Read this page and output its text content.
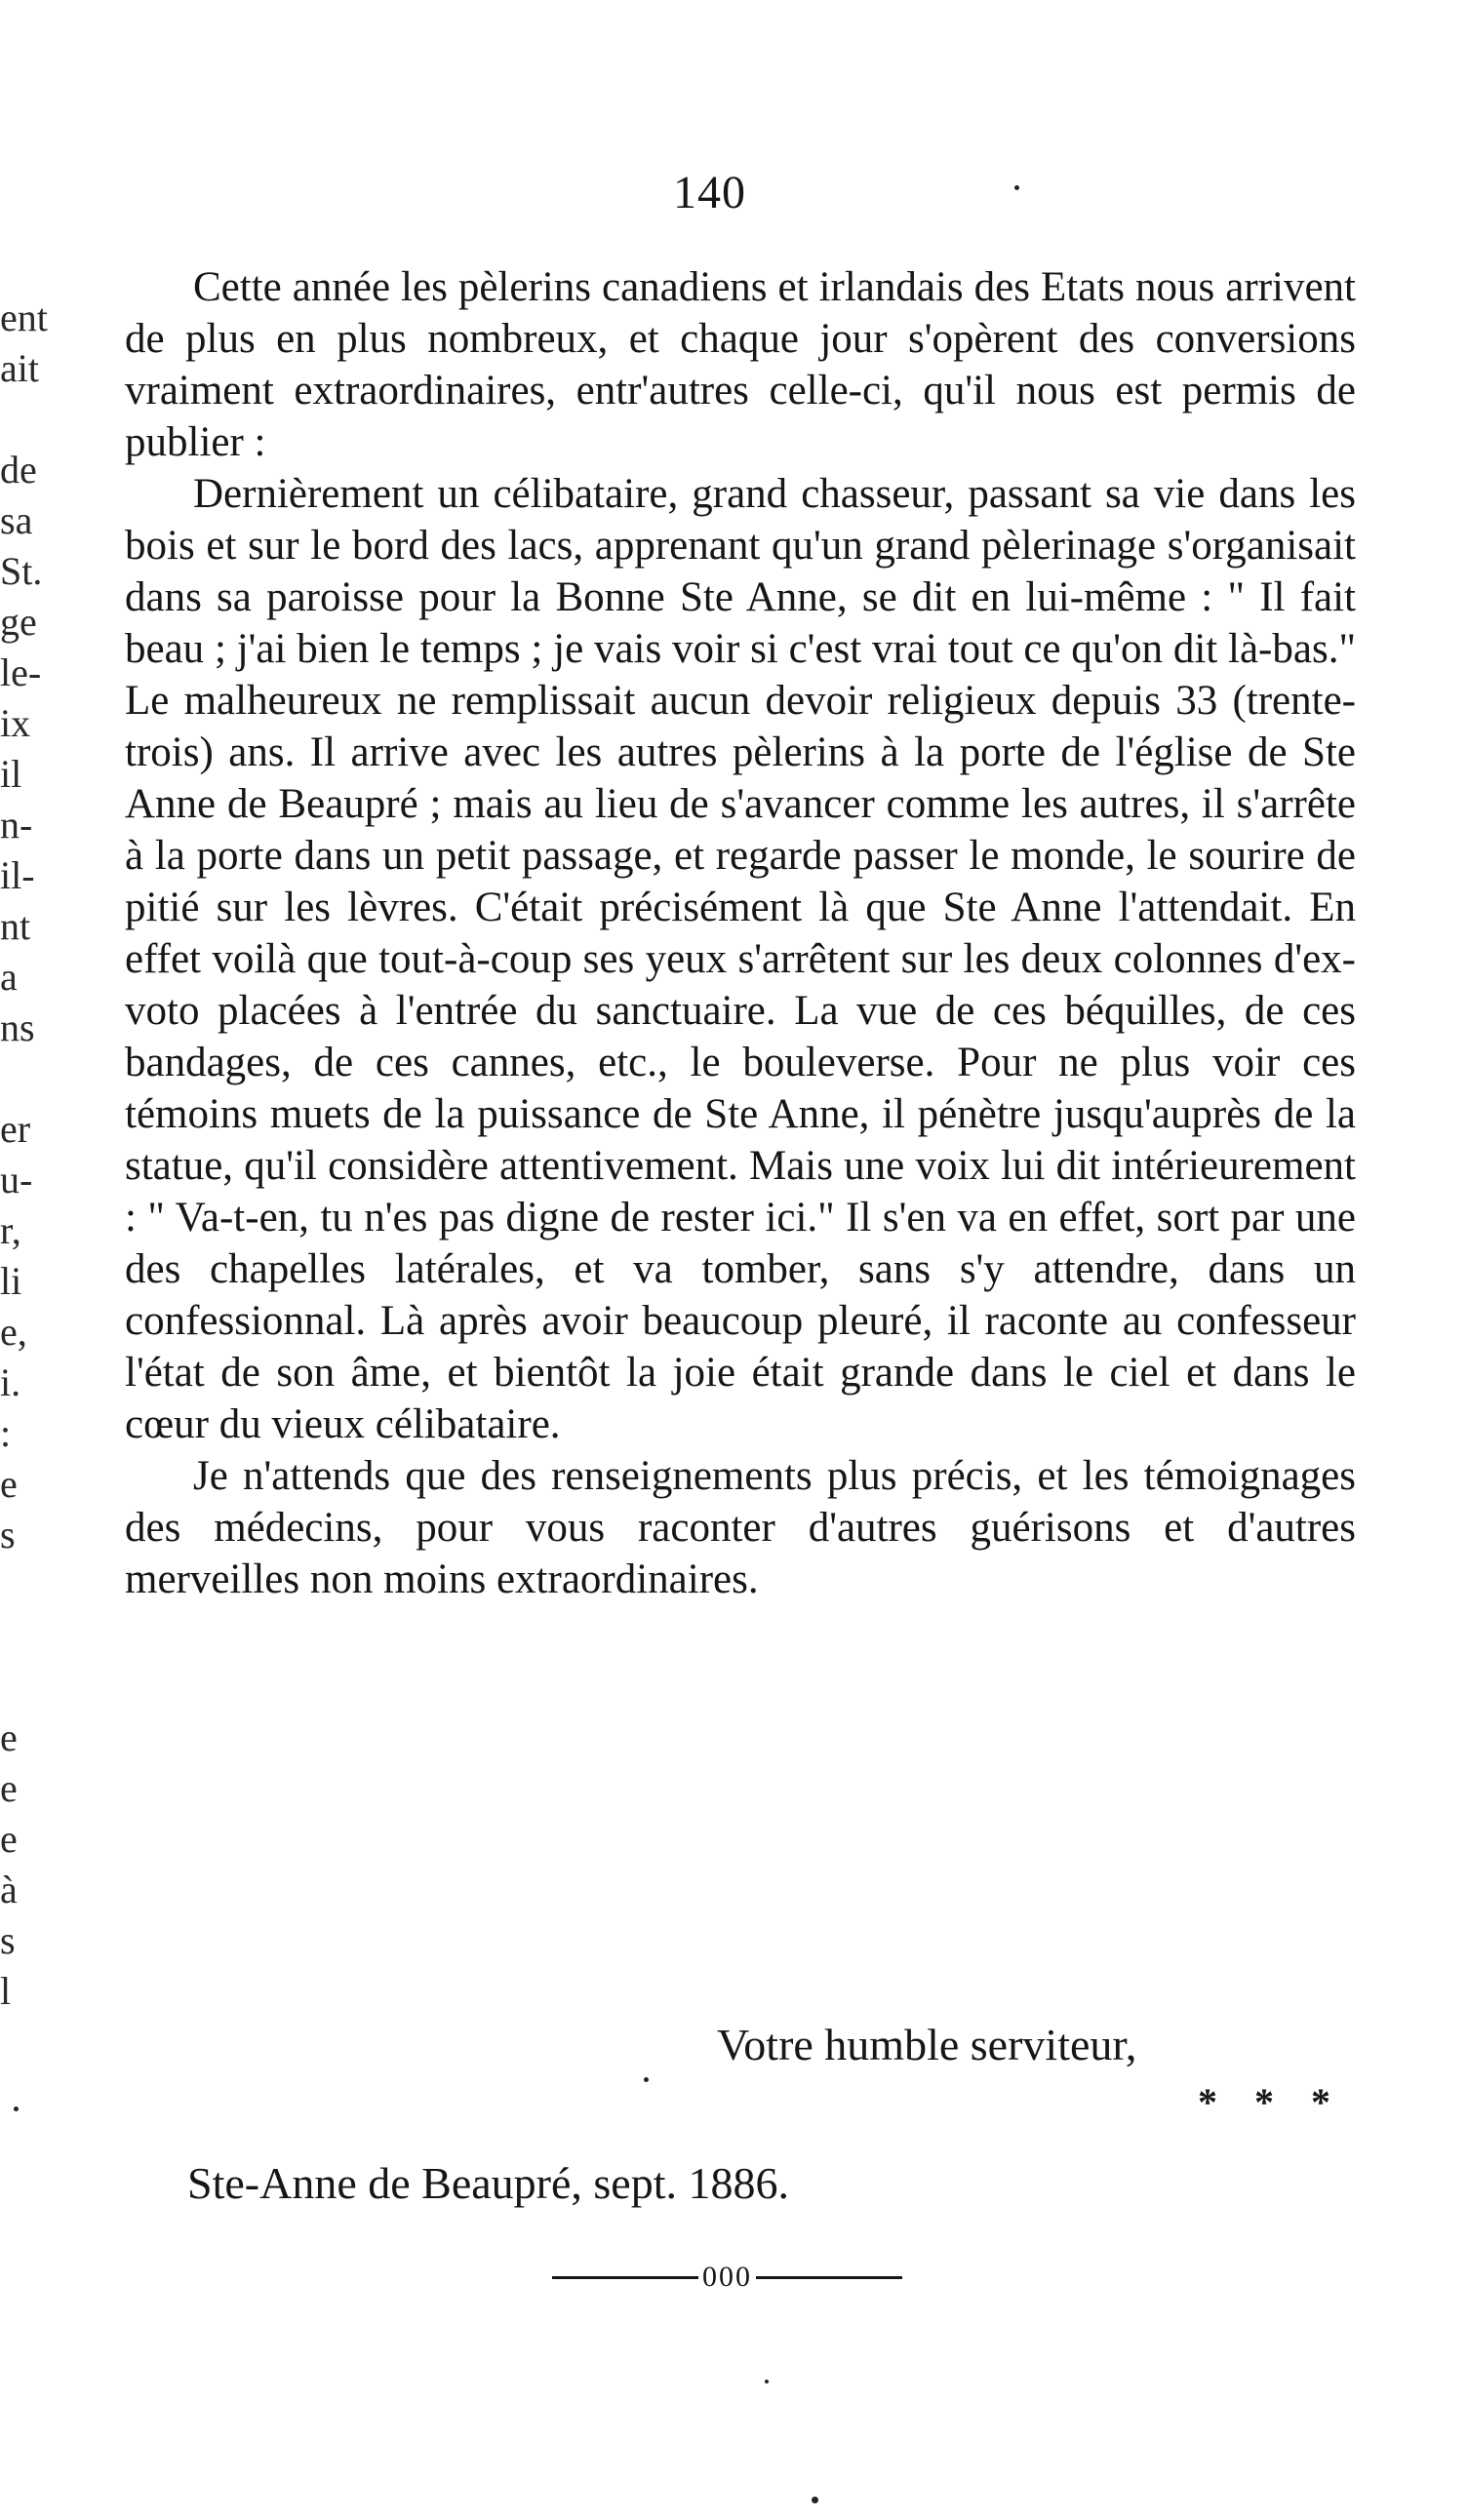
ent
ait
de
sa
St.
ge
le-
ix
il
n-
il-
nt
a
ns
er
u-
r,
li
e,
i.
:
e
s
e
e
e
à
s
l
140

Cette année les pèlerins canadiens et irlandais des Etats nous arrivent de plus en plus nombreux, et chaque jour s'opèrent des conversions vraiment extraordinaires, entr'autres celle-ci, qu'il nous est permis de publier :

Dernièrement un célibataire, grand chasseur, passant sa vie dans les bois et sur le bord des lacs, apprenant qu'un grand pèlerinage s'organisait dans sa paroisse pour la Bonne Ste Anne, se dit en lui-même : " Il fait beau ; j'ai bien le temps ; je vais voir si c'est vrai tout ce qu'on dit là-bas." Le malheureux ne remplissait aucun devoir religieux depuis 33 (trente-trois) ans. Il arrive avec les autres pèlerins à la porte de l'église de Ste Anne de Beaupré ; mais au lieu de s'avancer comme les autres, il s'arrête à la porte dans un petit passage, et regarde passer le monde, le sourire de pitié sur les lèvres. C'était précisément là que Ste Anne l'attendait. En effet voilà que tout-à-coup ses yeux s'arrêtent sur les deux colonnes d'ex-voto placées à l'entrée du sanctuaire. La vue de ces béquilles, de ces bandages, de ces cannes, etc., le bouleverse. Pour ne plus voir ces témoins muets de la puissance de Ste Anne, il pénètre jusqu'auprès de la statue, qu'il considère attentivement. Mais une voix lui dit intérieurement : " Va-t-en, tu n'es pas digne de rester ici." Il s'en va en effet, sort par une des chapelles latérales, et va tomber, sans s'y attendre, dans un confessionnal. Là après avoir beaucoup pleuré, il raconte au confesseur l'état de son âme, et bientôt la joie était grande dans le ciel et dans le cœur du vieux célibataire.

Je n'attends que des renseignements plus précis, et les témoignages des médecins, pour vous raconter d'autres guérisons et d'autres merveilles non moins extraordinaires.

Votre humble serviteur,
* * *
Ste-Anne de Beaupré, sept. 1886.
000
